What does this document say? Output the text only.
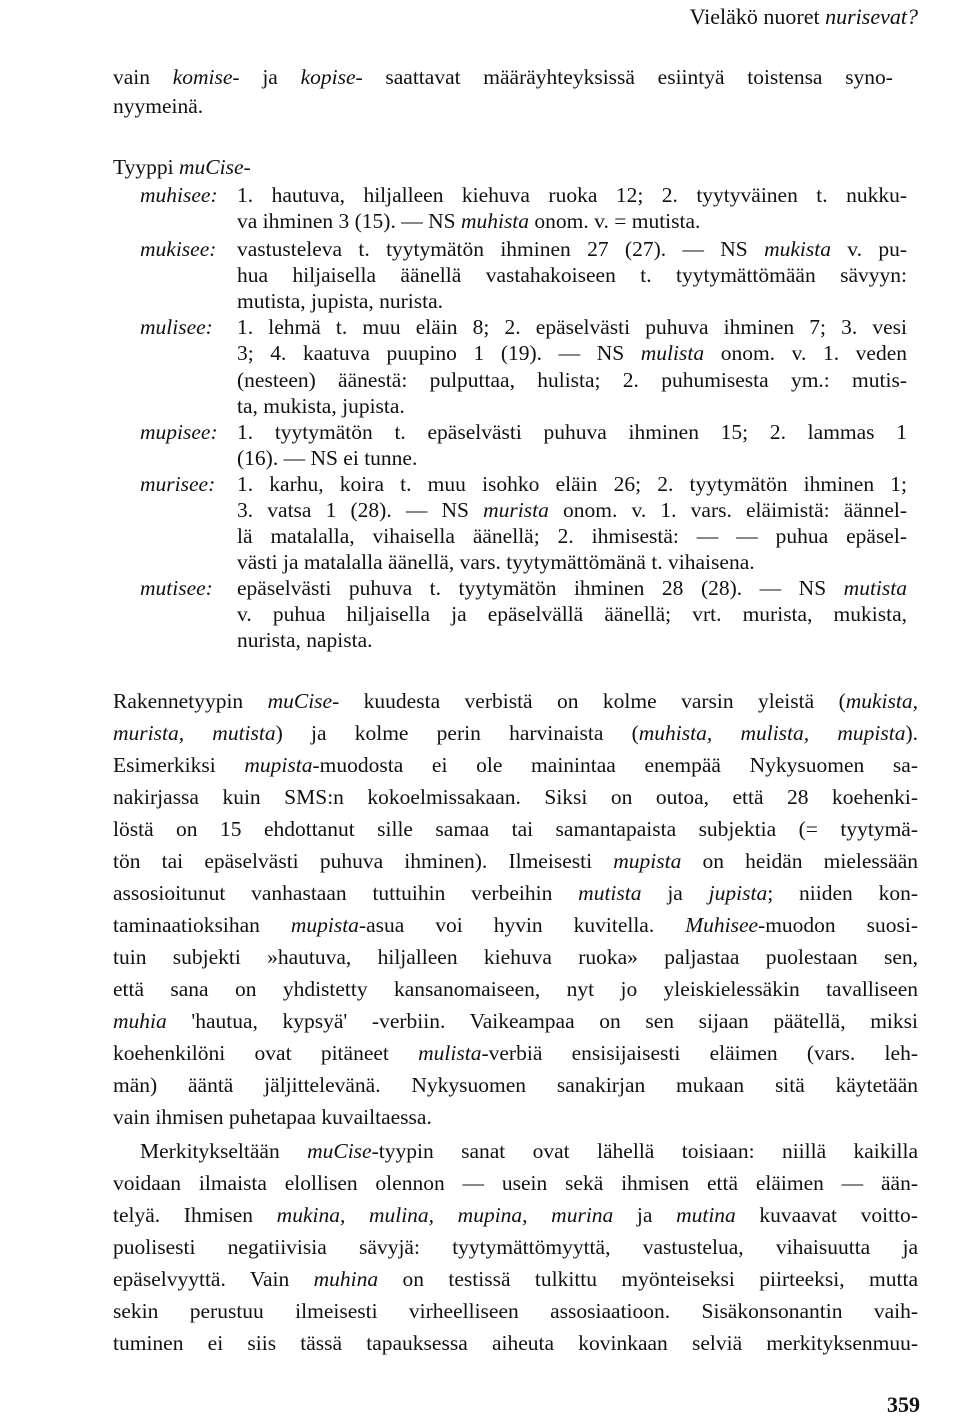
Vieläkö nuoret nurisevat?
vain komise- ja kopise- saattavat määräyhteyksissä esiintyä toistensa syno-
nyymeinä.
Tyyppi muCise-
muhisee: 1. hautuva, hiljalleen kiehuva ruoka 12; 2. tyytyväinen t. nukku-
va ihminen 3 (15). — NS muhista onom. v. = mutista.
mukisee: vastusteleva t. tyytymätön ihminen 27 (27). — NS mukista v. pu-
hua hiljaisella äänellä vastahakoiseen t. tyytymättömään sävyyn:
mutista, jupista, nurista.
mulisee: 1. lehmä t. muu eläin 8; 2. epäselvästi puhuva ihminen 7; 3. vesi
3; 4. kaatuva puupino 1 (19). — NS mulista onom. v. 1. veden
(nesteen) äänestä: pulputtaa, hulista; 2. puhumisesta ym.: mutis-
ta, mukista, jupista.
mupisee: 1. tyytymätön t. epäselvästi puhuva ihminen 15; 2. lammas 1
(16). — NS ei tunne.
murisee: 1. karhu, koira t. muu isohko eläin 26; 2. tyytymätön ihminen 1;
3. vatsa 1 (28). — NS murista onom. v. 1. vars. eläimistä: äännel-
lä matalalla, vihaisella äänellä; 2. ihmisestä: — — puhua epäsel-
västi ja matalalla äänellä, vars. tyytymättömänä t. vihaisena.
mutisee: epäselvästi puhuva t. tyytymätön ihminen 28 (28). — NS mutista
v. puhua hiljaisella ja epäselvällä äänellä; vrt. murista, mukista,
nurista, napista.
Rakennetyypin muCise- kuudesta verbistä on kolme varsin yleistä (mukista,
murista, mutista) ja kolme perin harvinaista (muhista, mulista, mupista).
Esimerkiksi mupista-muodosta ei ole mainintaa enempää Nykysuomen sa-
nakirjassa kuin SMS:n kokoelmissakaan. Siksi on outoa, että 28 koehenki-
löstä on 15 ehdottanut sille samaa tai samantapaista subjektia (= tyytymä-
tön tai epäselvästi puhuva ihminen). Ilmeisesti mupista on heidän mielessään
assosioitunut vanhastaan tuttuihin verbeihin mutista ja jupista; niiden kon-
taminaatioksihan mupista-asua voi hyvin kuvitella. Muhisee-muodon suosi-
tuin subjekti »hautuva, hiljalleen kiehuva ruoka» paljastaa puolestaan sen,
että sana on yhdistetty kansanomaiseen, nyt jo yleiskielessäkin tavalliseen
muhia 'hautua, kypsyä' -verbiin. Vaikeampaa on sen sijaan päätellä, miksi
koehenkilöni ovat pitäneet mulista-verbiä ensisijaisesti eläimen (vars. leh-
män) ääntä jäljittelevänä. Nykysuomen sanakirjan mukaan sitä käytetään
vain ihmisen puhetapaa kuvailtaessa.
Merkitykseltään muCise-tyypin sanat ovat lähellä toisiaan: niillä kaikilla
voidaan ilmaista elollisen olennon — usein sekä ihmisen että eläimen — ään-
telyä. Ihmisen mukina, mulina, mupina, murina ja mutina kuvaavat voitto-
puolisesti negatiivisia sävyjä: tyytymättömyyttä, vastustelua, vihaisuutta ja
epäselvyyttä. Vain muhina on testissä tulkittu myönteiseksi piirteeksi, mutta
sekin perustuu ilmeisesti virheelliseen assosiaatioon. Sisäkonsonantin vaih-
tuminen ei siis tässä tapauksessa aiheuta kovinkaan selviä merkityksenmuu-
359
